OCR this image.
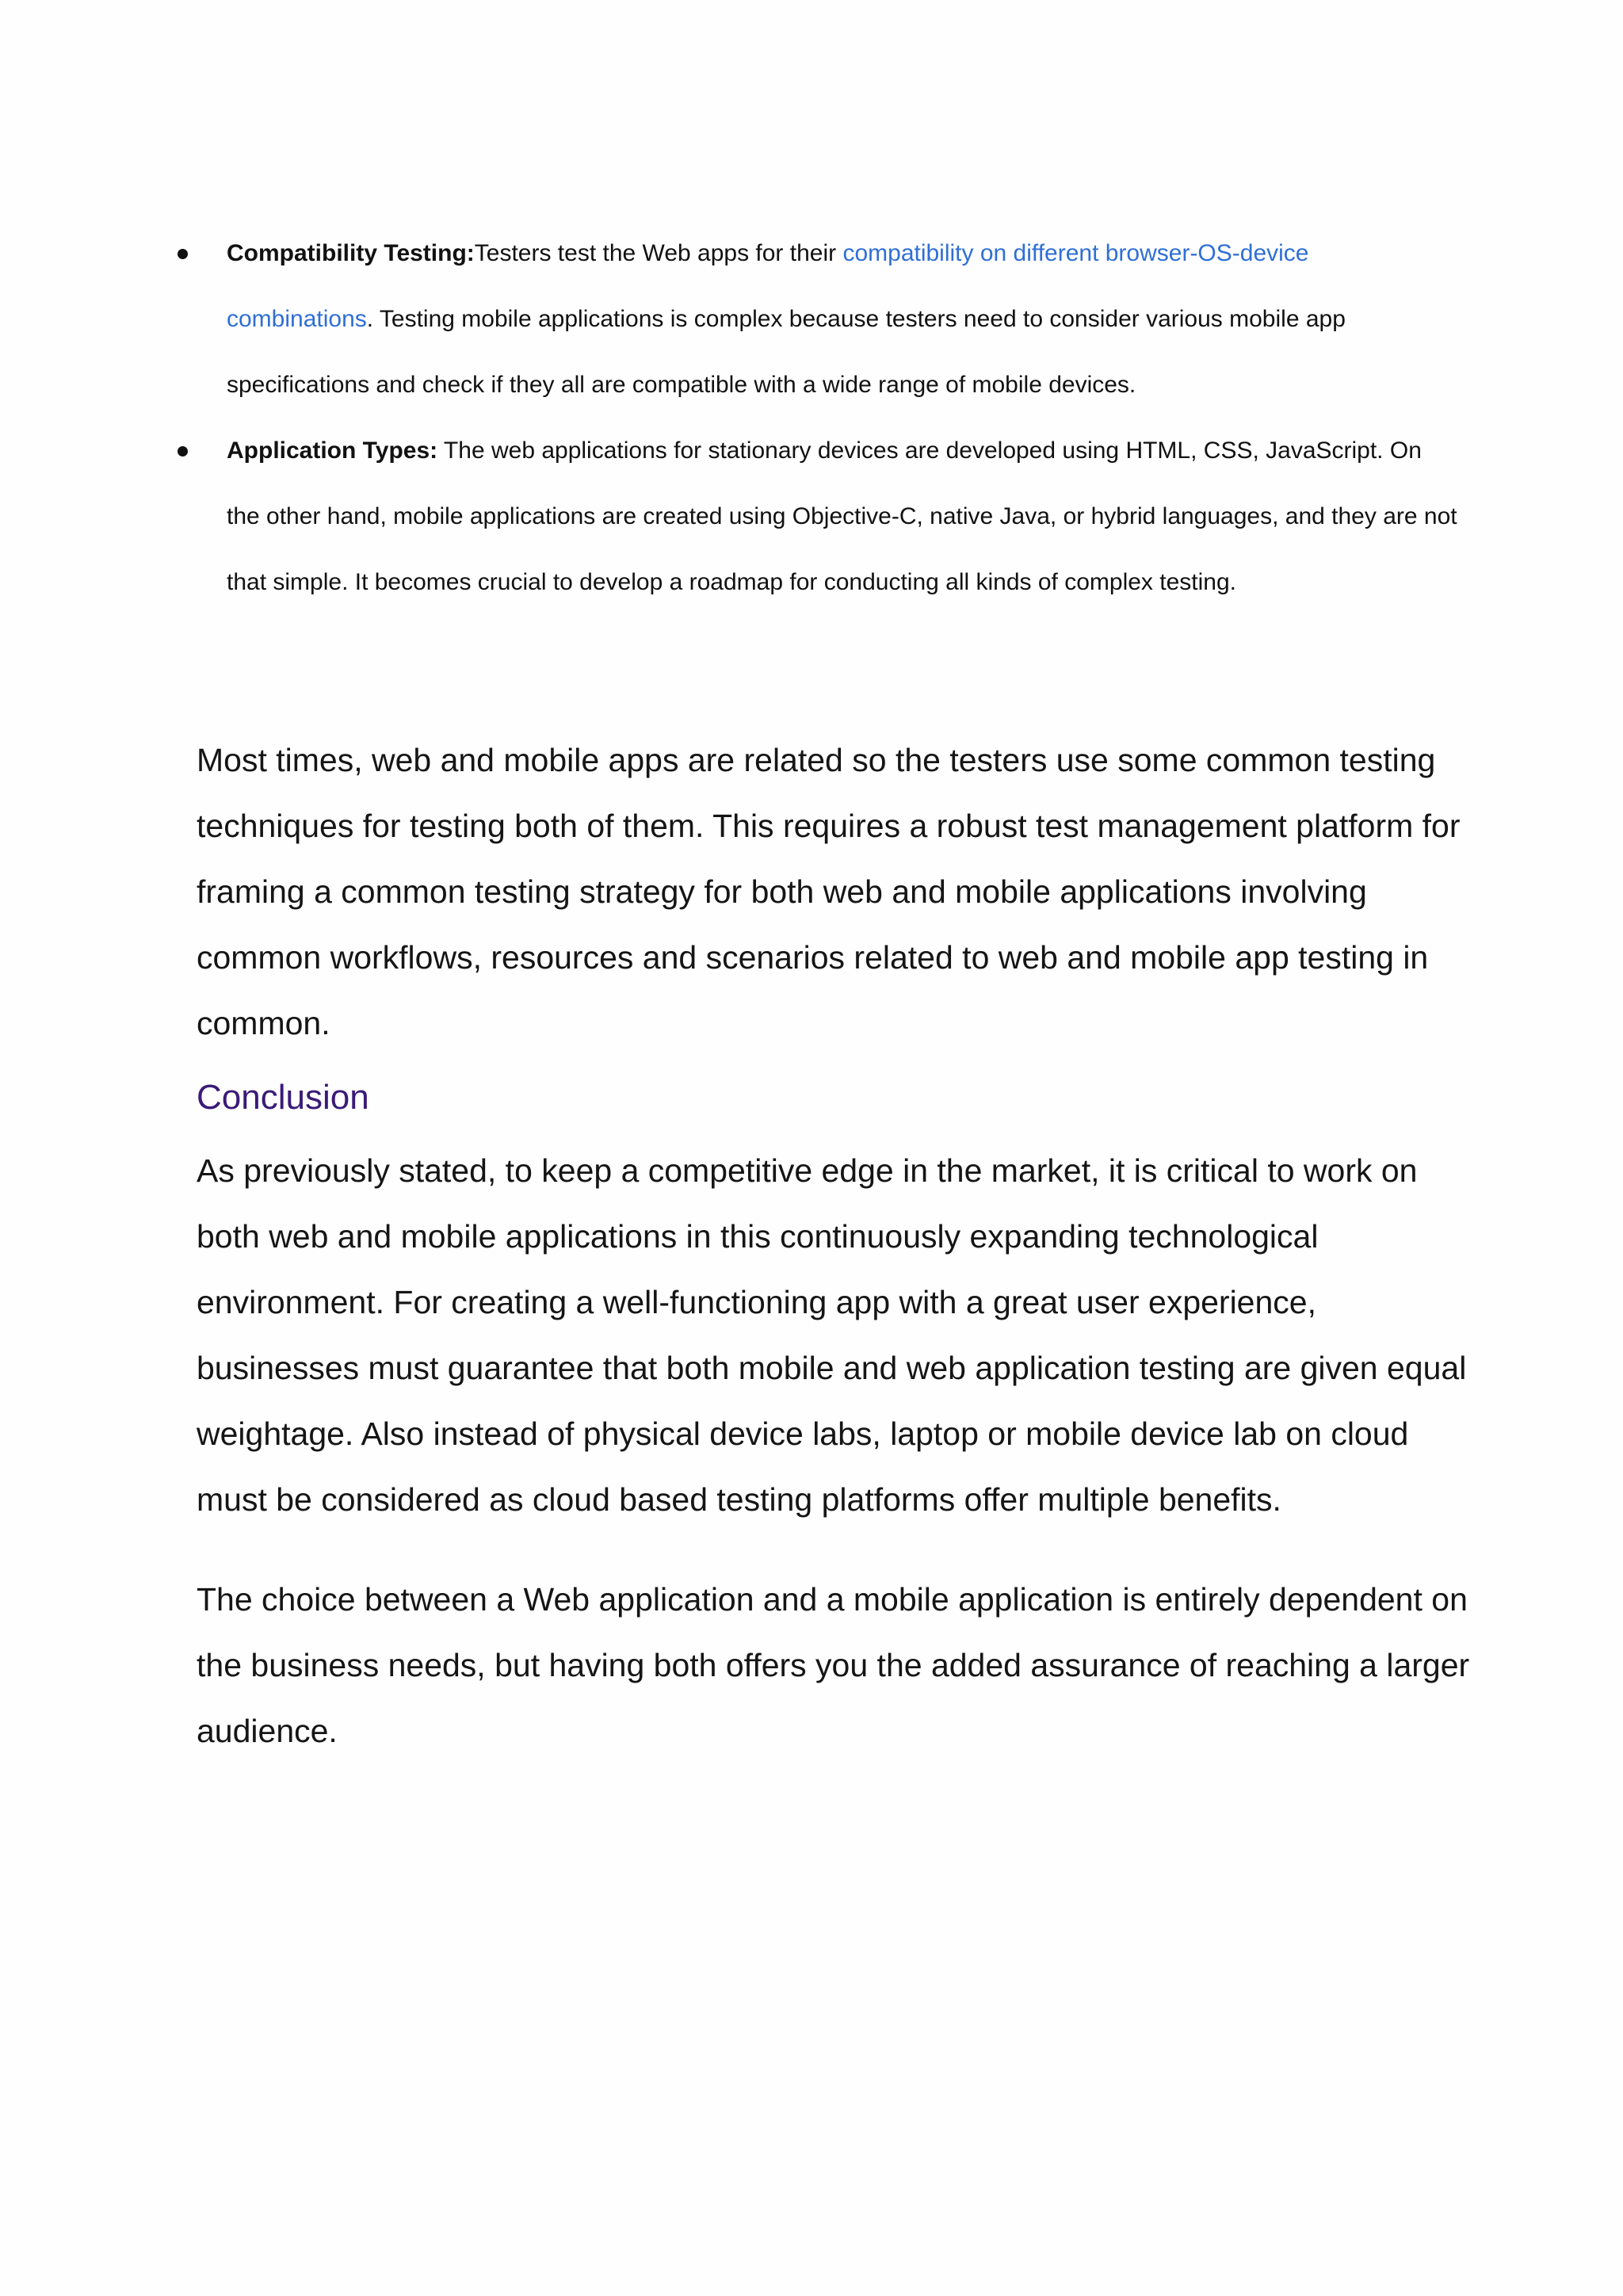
Compatibility Testing:Testers test the Web apps for their compatibility on different browser-OS-device combinations. Testing mobile applications is complex because testers need to consider various mobile app specifications and check if they all are compatible with a wide range of mobile devices.
Application Types: The web applications for stationary devices are developed using HTML, CSS, JavaScript. On the other hand, mobile applications are created using Objective-C, native Java, or hybrid languages, and they are not that simple. It becomes crucial to develop a roadmap for conducting all kinds of complex testing.

Most times, web and mobile apps are related so the testers use some common testing techniques for testing both of them. This requires a robust test management platform for framing a common testing strategy for both web and mobile applications involving common workflows, resources and scenarios related to web and mobile app testing in common.

Conclusion

As previously stated, to keep a competitive edge in the market, it is critical to work on both web and mobile applications in this continuously expanding technological environment. For creating a well-functioning app with a great user experience, businesses must guarantee that both mobile and web application testing are given equal weightage. Also instead of physical device labs, laptop or mobile device lab on cloud must be considered as cloud based testing platforms offer multiple benefits.

The choice between a Web application and a mobile application is entirely dependent on the business needs, but having both offers you the added assurance of reaching a larger audience.
